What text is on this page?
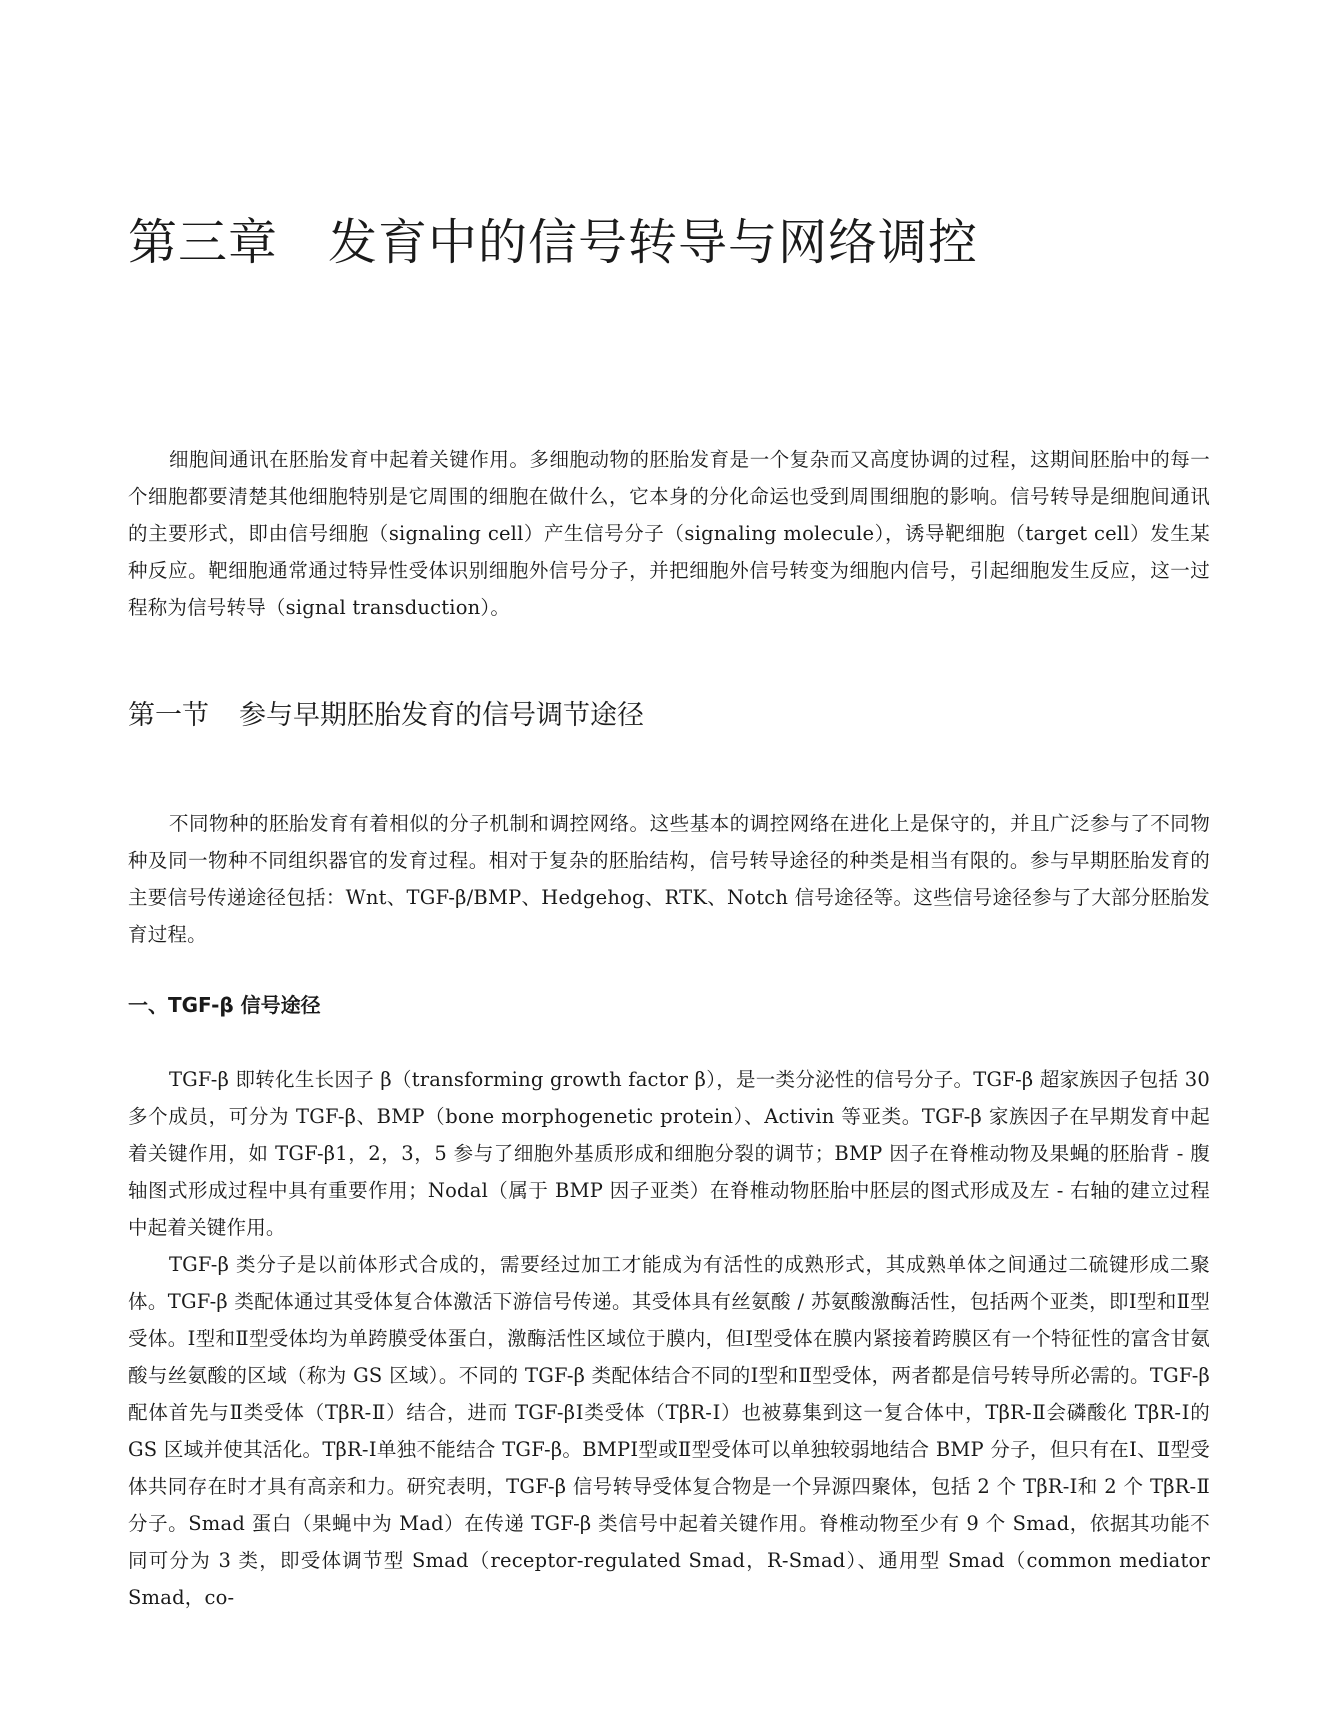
第三章 发育中的信号转导与网络调控

细胞间通讯在胚胎发育中起着关键作用。多细胞动物的胚胎发育是一个复杂而又高度协调的过程，这期间胚胎中的每一个细胞都要清楚其他细胞特别是它周围的细胞在做什么，它本身的分化命运也受到周围细胞的影响。信号转导是细胞间通讯的主要形式，即由信号细胞（signaling cell）产生信号分子（signaling molecule），诱导靶细胞（target cell）发生某种反应。靶细胞通常通过特异性受体识别细胞外信号分子，并把细胞外信号转变为细胞内信号，引起细胞发生反应，这一过程称为信号转导（signal transduction）。

第一节 参与早期胚胎发育的信号调节途径

不同物种的胚胎发育有着相似的分子机制和调控网络。这些基本的调控网络在进化上是保守的，并且广泛参与了不同物种及同一物种不同组织器官的发育过程。相对于复杂的胚胎结构，信号转导途径的种类是相当有限的。参与早期胚胎发育的主要信号传递途径包括：Wnt、TGF-β/BMP、Hedgehog、RTK、Notch 信号途径等。这些信号途径参与了大部分胚胎发育过程。

一、TGF-β 信号途径

TGF-β 即转化生长因子 β（transforming growth factor β），是一类分泌性的信号分子。TGF-β 超家族因子包括 30 多个成员，可分为 TGF-β、BMP（bone morphogenetic protein）、Activin 等亚类。TGF-β 家族因子在早期发育中起着关键作用，如 TGF-β1，2，3，5 参与了细胞外基质形成和细胞分裂的调节；BMP 因子在脊椎动物及果蝇的胚胎背 - 腹轴图式形成过程中具有重要作用；Nodal（属于 BMP 因子亚类）在脊椎动物胚胎中胚层的图式形成及左 - 右轴的建立过程中起着关键作用。

TGF-β 类分子是以前体形式合成的，需要经过加工才能成为有活性的成熟形式，其成熟单体之间通过二硫键形成二聚体。TGF-β 类配体通过其受体复合体激活下游信号传递。其受体具有丝氨酸 / 苏氨酸激酶活性，包括两个亚类，即Ⅰ型和Ⅱ型受体。Ⅰ型和Ⅱ型受体均为单跨膜受体蛋白，激酶活性区域位于膜内，但Ⅰ型受体在膜内紧接着跨膜区有一个特征性的富含甘氨酸与丝氨酸的区域（称为 GS 区域）。不同的 TGF-β 类配体结合不同的Ⅰ型和Ⅱ型受体，两者都是信号转导所必需的。TGF-β 配体首先与Ⅱ类受体（TβR-Ⅱ）结合，进而 TGF-βⅠ类受体（TβR-Ⅰ）也被募集到这一复合体中，TβR-Ⅱ会磷酸化 TβR-Ⅰ的 GS 区域并使其活化。TβR-Ⅰ单独不能结合 TGF-β。BMPⅠ型或Ⅱ型受体可以单独较弱地结合 BMP 分子，但只有在Ⅰ、Ⅱ型受体共同存在时才具有高亲和力。研究表明，TGF-β 信号转导受体复合物是一个异源四聚体，包括 2 个 TβR-Ⅰ和 2 个 TβR-Ⅱ分子。Smad 蛋白（果蝇中为 Mad）在传递 TGF-β 类信号中起着关键作用。脊椎动物至少有 9 个 Smad，依据其功能不同可分为 3 类，即受体调节型 Smad（receptor-regulated Smad，R-Smad）、通用型 Smad（common mediator Smad，co-
